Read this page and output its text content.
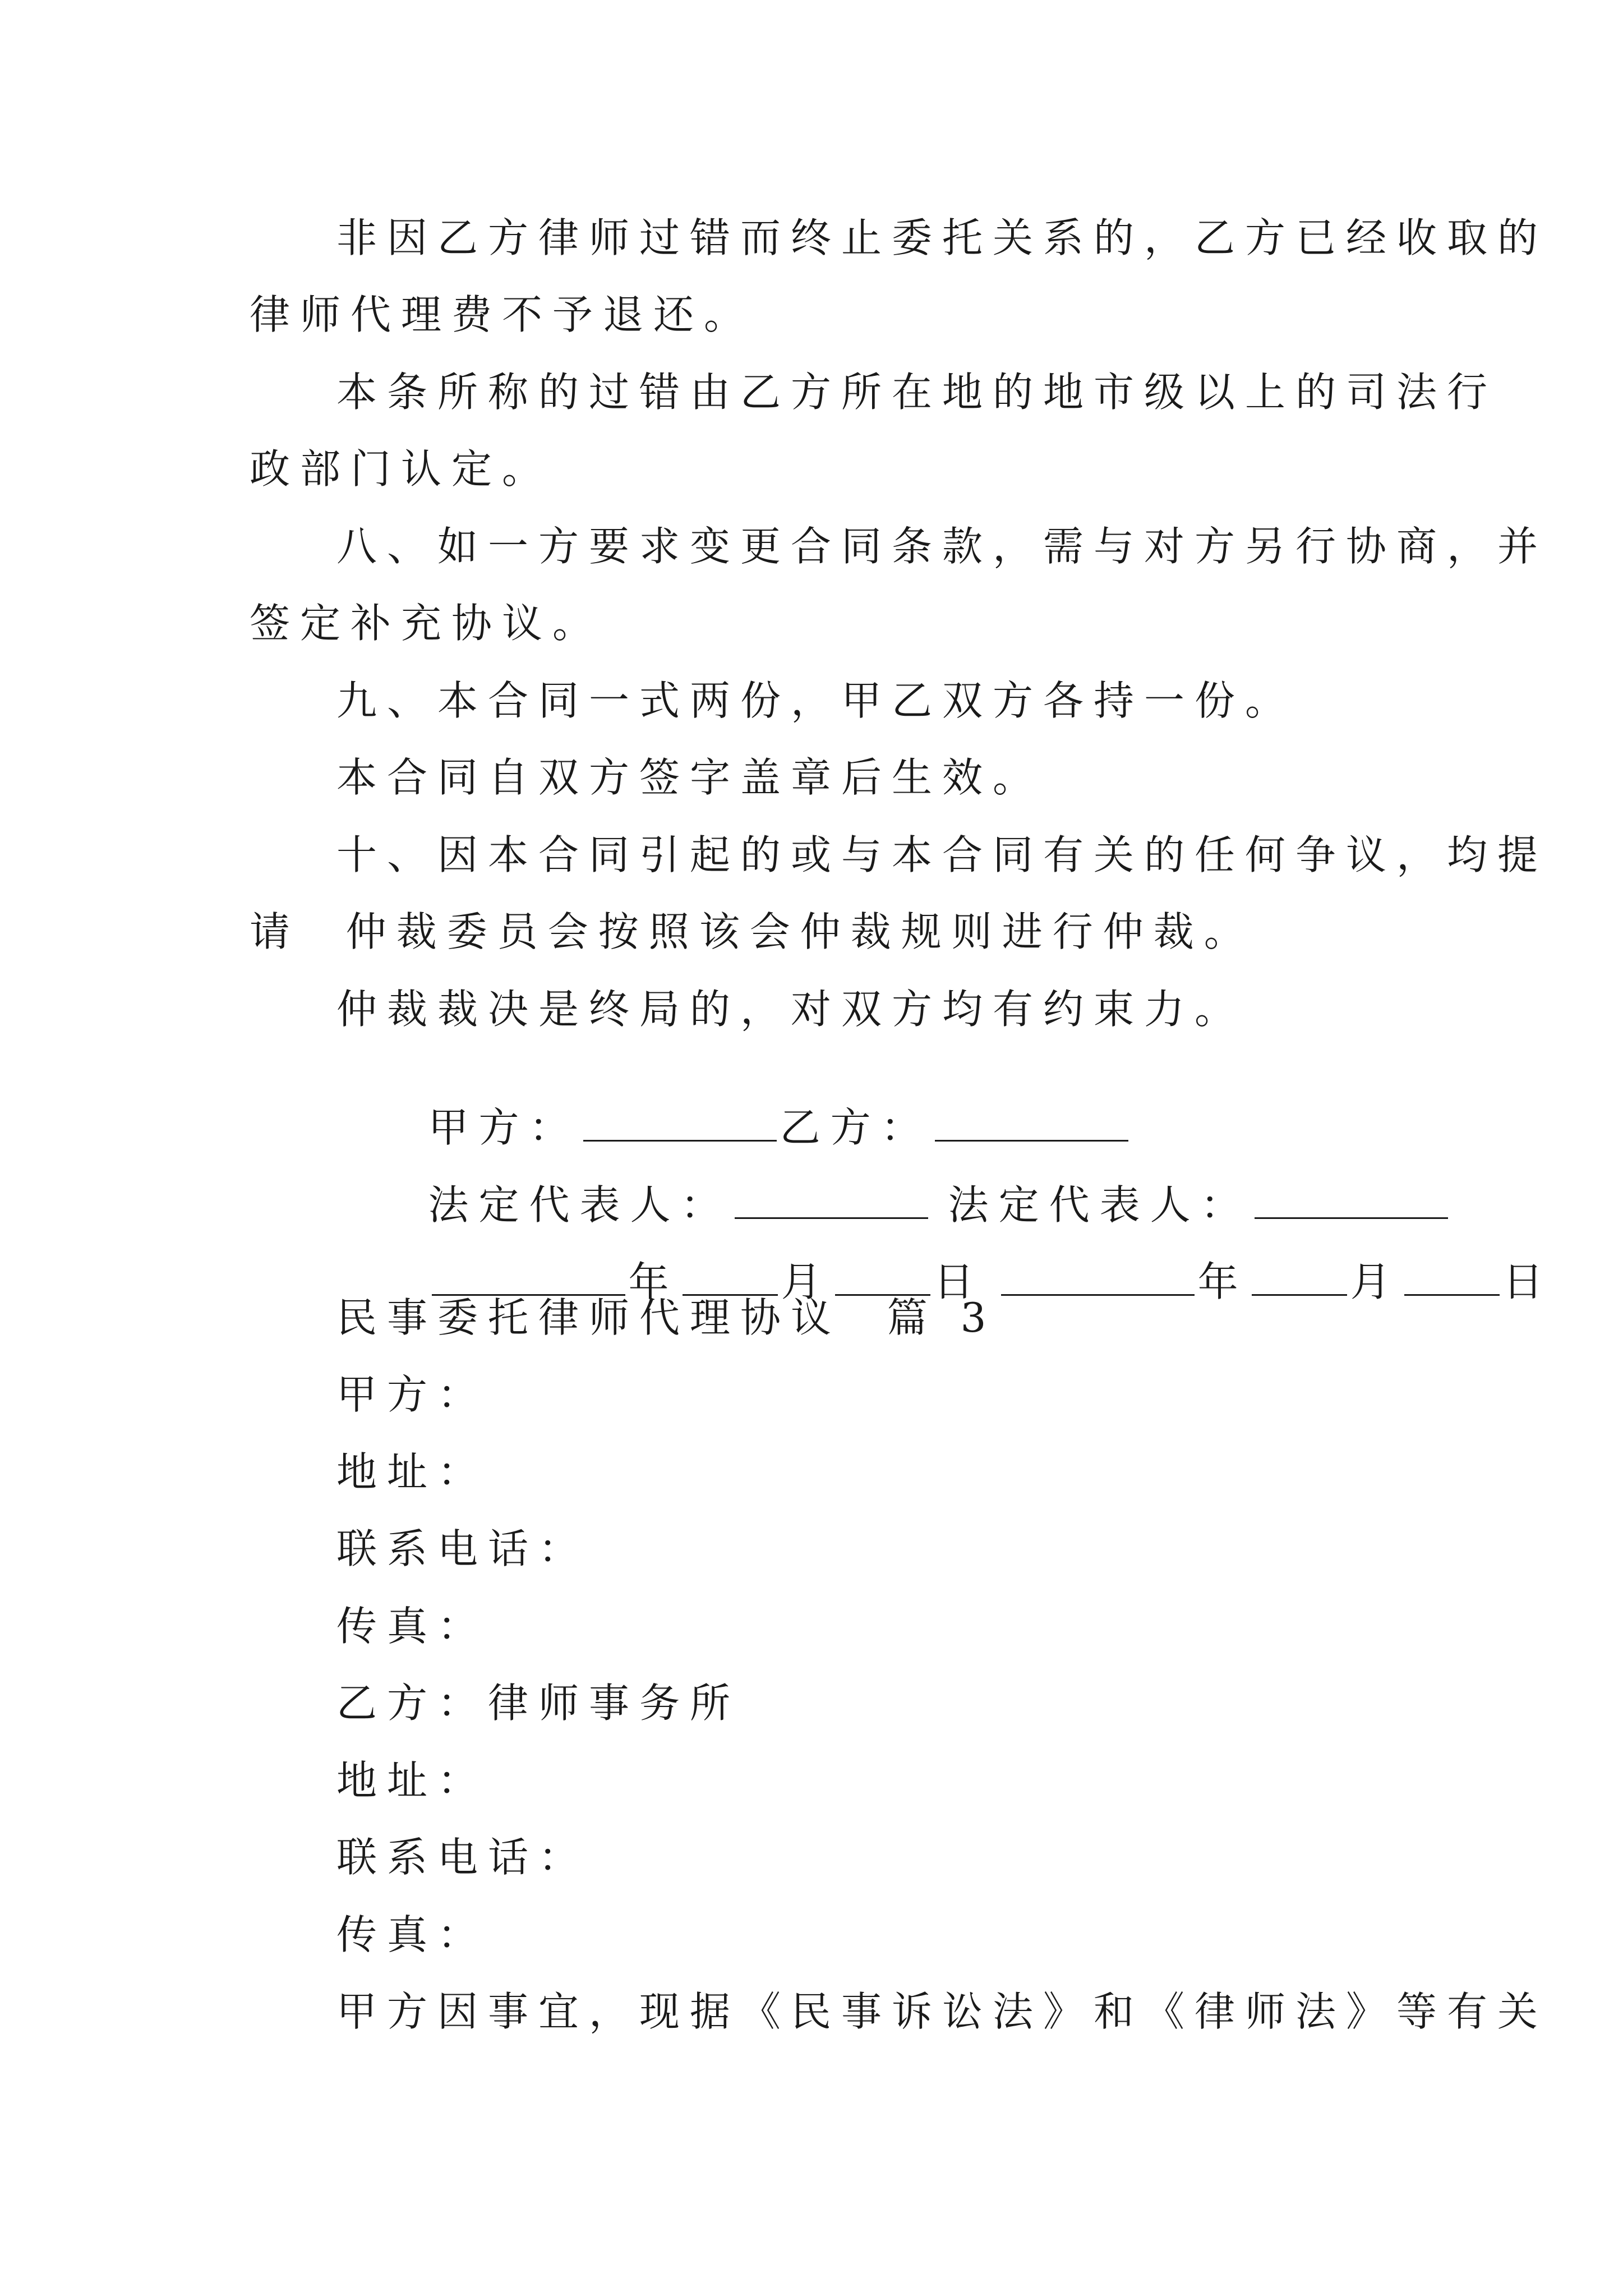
非因乙方律师过错而终止委托关系的，乙方已经收取的
律师代理费不予退还。
本条所称的过错由乙方所在地的地市级以上的司法行
政部门认定。
八、如一方要求变更合同条款，需与对方另行协商，并
签定补充协议。
九、本合同一式两份，甲乙双方各持一份。
本合同自双方签字盖章后生效。
十、因本合同引起的或与本合同有关的任何争议，均提
请  仲裁委员会按照该会仲裁规则进行仲裁。
仲裁裁决是终局的，对双方均有约束力。

甲方：	乙方：

法定代表人：	法定代表人：

年	月	日	年	月	日

民事委托律师代理协议  篇 3
甲方：
地址：
联系电话：
传真：
乙方：律师事务所
地址：
联系电话：
传真：
甲方因事宜，现据《民事诉讼法》和《律师法》等有关
